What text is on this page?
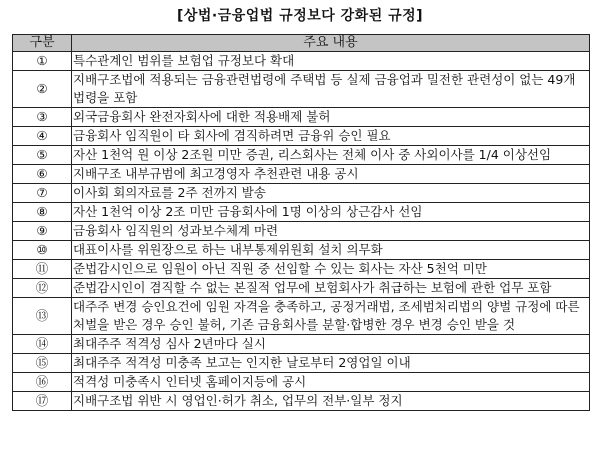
[상법·금융업법 규정보다 강화된 규정]
구분	주요 내용
①	특수관계인 범위를 보험업 규정보다 확대
②	지배구조법에 적용되는 금융관련법령에 주택법 등 실제 금융업과 밀전한 관련성이 없는 49개 법령을 포함
③	외국금융회사 완전자회사에 대한 적용배제 불허
④	금융회사 임직원이 타 회사에 겸직하려면 금융위 승인 필요
⑤	자산 1천억 원 이상 2조원 미만 증권, 리스회사는 전체 이사 중 사외이사를 1/4 이상선임
⑥	지배구조 내부규범에 최고경영자 추천관련 내용 공시
⑦	이사회 회의자료를 2주 전까지 발송
⑧	자산 1천억 이상 2조 미만 금융회사에 1명 이상의 상근감사 선임
⑨	금융회사 임직원의 성과보수체계 마련
⑩	대표이사를 위원장으로 하는 내부통제위원회 설치 의무화
⑪	준법감시인으로 임원이 아닌 직원 중 선임할 수 있는 회사는 자산 5천억 미만
⑫	준법감시인이 겸직할 수 없는 본질적 업무에 보험회사가 취급하는 보험에 관한 업무 포함
⑬	대주주 변경 승인요건에 임원 자격을 충족하고, 공정거래법, 조세범처리법의 양벌 규정에 따른 처벌을 받은 경우 승인 불허, 기존 금융회사를 분할·합병한 경우 변경 승인 받을 것
⑭	최대주주 적격성 심사 2년마다 실시
⑮	최대주주 적격성 미충족 보고는 인지한 날로부터 2영업일 이내
⑯	적격성 미충족시 인터넷 홈페이지등에 공시
⑰	지배구조법 위반 시 영업인·허가 취소, 업무의 전부·일부 정지
